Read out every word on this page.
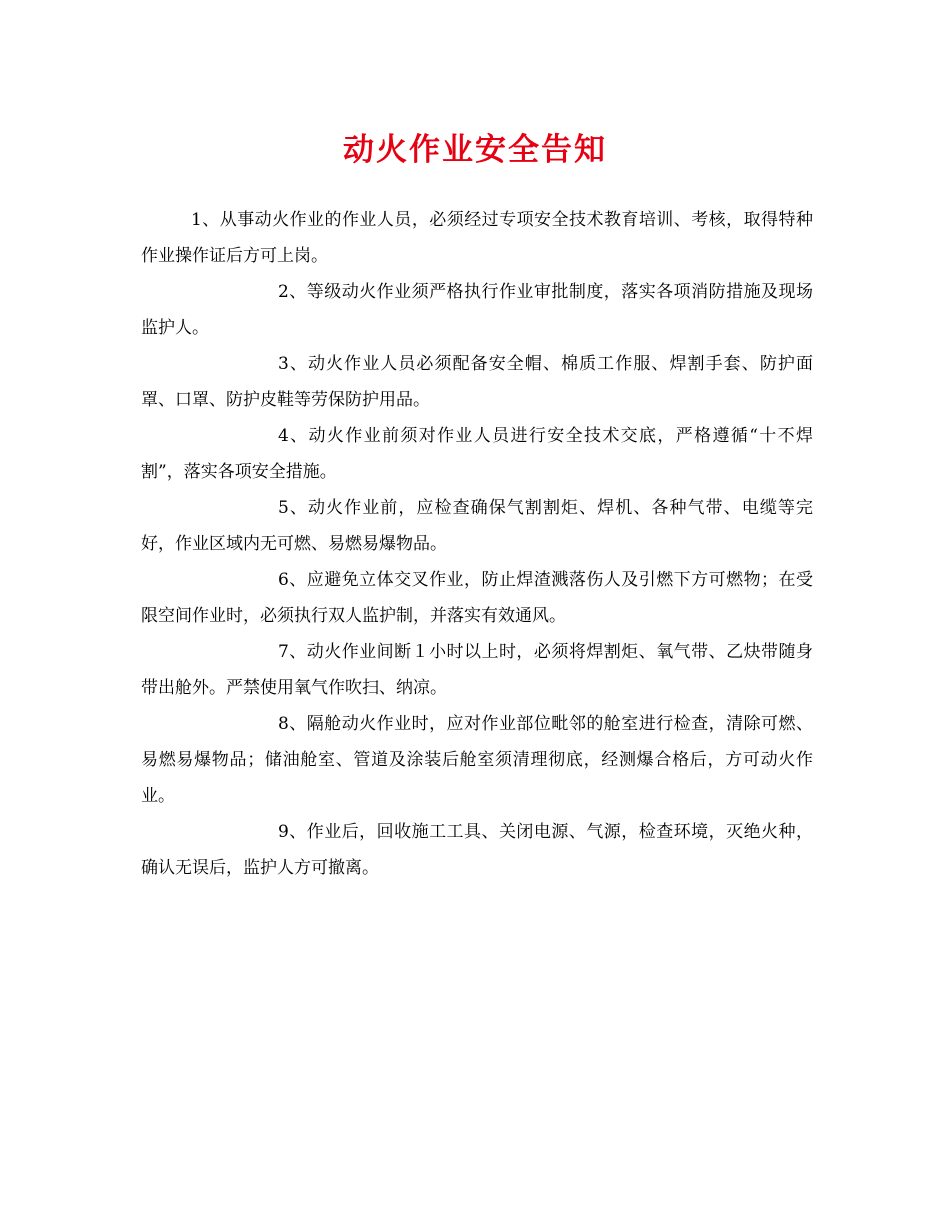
动火作业安全告知

1、从事动火作业的作业人员，必须经过专项安全技术教育培训、考核，取得特种作业操作证后方可上岗。

2、等级动火作业须严格执行作业审批制度，落实各项消防措施及现场监护人。

3、动火作业人员必须配备安全帽、棉质工作服、焊割手套、防护面罩、口罩、防护皮鞋等劳保防护用品。

4、动火作业前须对作业人员进行安全技术交底，严格遵循“十不焊割”，落实各项安全措施。

5、动火作业前，应检查确保气割割炬、焊机、各种气带、电缆等完好，作业区域内无可燃、易燃易爆物品。

6、应避免立体交叉作业，防止焊渣溅落伤人及引燃下方可燃物；在受限空间作业时，必须执行双人监护制，并落实有效通风。

7、动火作业间断１小时以上时，必须将焊割炬、氧气带、乙炔带随身带出舱外。严禁使用氧气作吹扫、纳凉。

8、隔舱动火作业时，应对作业部位毗邻的舱室进行检查，清除可燃、易燃易爆物品；储油舱室、管道及涂装后舱室须清理彻底，经测爆合格后，方可动火作业。

9、作业后，回收施工工具、关闭电源、气源，检查环境，灭绝火种，确认无误后，监护人方可撤离。
